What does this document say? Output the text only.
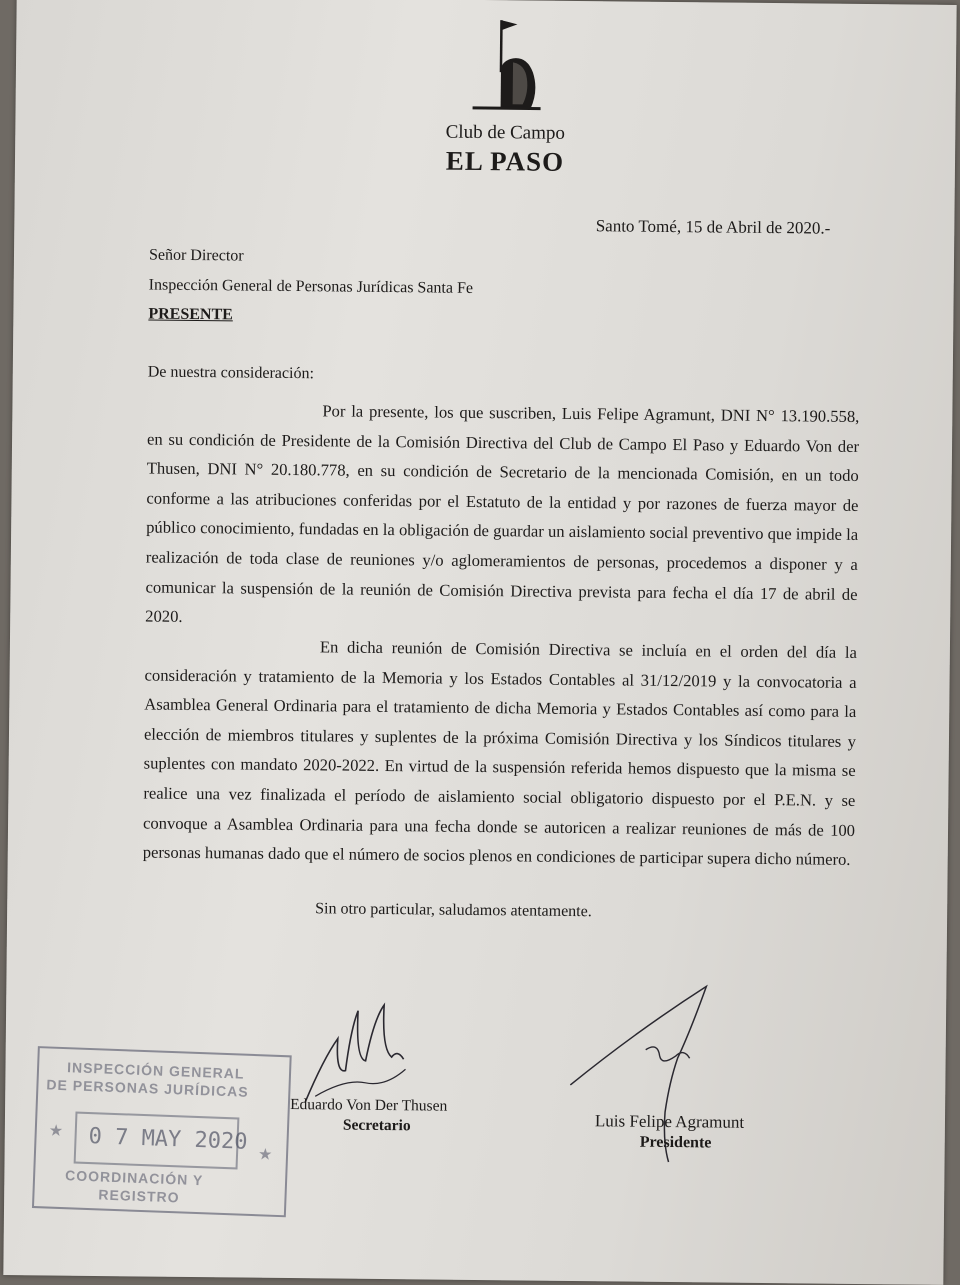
Club de Campo
EL PASO
Santo Tomé, 15 de Abril de 2020.-
Señor Director
Inspección General de Personas Jurídicas Santa Fe
PRESENTE
De nuestra consideración:

Por la presente, los que suscriben, Luis Felipe Agramunt, DNI N° 13.190.558, en su condición de Presidente de la Comisión Directiva del Club de Campo El Paso y Eduardo Von der Thusen, DNI N° 20.180.778, en su condición de Secretario de la mencionada Comisión, en un todo conforme a las atribuciones conferidas por el Estatuto de la entidad y por razones de fuerza mayor de público conocimiento, fundadas en la obligación de guardar un aislamiento social preventivo que impide la realización de toda clase de reuniones y/o aglomeramientos de personas, procedemos a disponer y a comunicar la suspensión de la reunión de Comisión Directiva prevista para fecha el día 17 de abril de 2020.

En dicha reunión de Comisión Directiva se incluía en el orden del día la consideración y tratamiento de la Memoria y los Estados Contables al 31/12/2019 y la convocatoria a Asamblea General Ordinaria para el tratamiento de dicha Memoria y Estados Contables así como para la elección de miembros titulares y suplentes de la próxima Comisión Directiva y los Síndicos titulares y suplentes con mandato 2020-2022. En virtud de la suspensión referida hemos dispuesto que la misma se realice una vez finalizada el período de aislamiento social obligatorio dispuesto por el P.E.N. y se convoque a Asamblea Ordinaria para una fecha donde se autoricen a realizar reuniones de más de 100 personas humanas dado que el número de socios plenos en condiciones de participar supera dicho número.

Sin otro particular, saludamos atentamente.
Eduardo Von Der Thusen
Secretario	Luis Felipe Agramunt
Presidente
INSPECCIÓN GENERAL
DE PERSONAS JURÍDICAS
★ 0 7 MAY 2020
★
COORDINACIÓN Y
REGISTRO
